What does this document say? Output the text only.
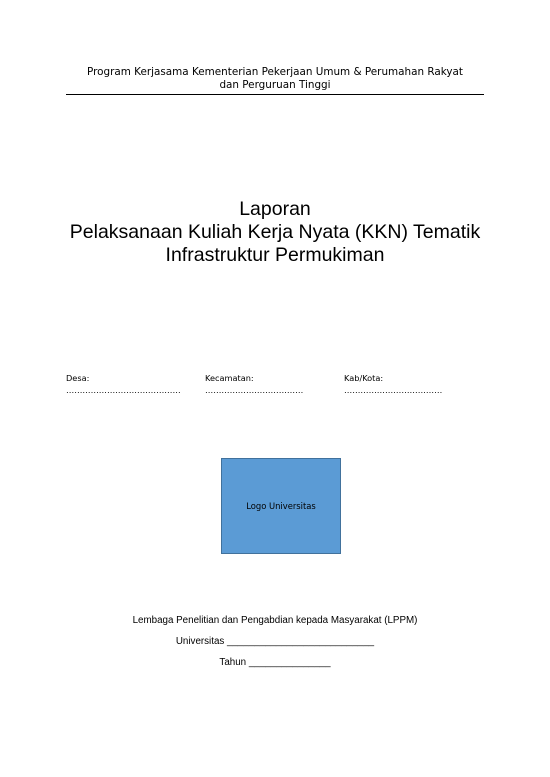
Program Kerjasama Kementerian Pekerjaan Umum & Perumahan Rakyat
dan Perguruan Tinggi
Laporan
Pelaksanaan Kuliah Kerja Nyata (KKN) Tematik
Infrastruktur Permukiman
Desa: ……………………………………
Kecamatan: ………………………………
Kab/Kota: ………………………………
Logo Universitas
Lembaga Penelitian dan Pengabdian kepada Masyarakat (LPPM)
Universitas ___________________________
Tahun _______________
